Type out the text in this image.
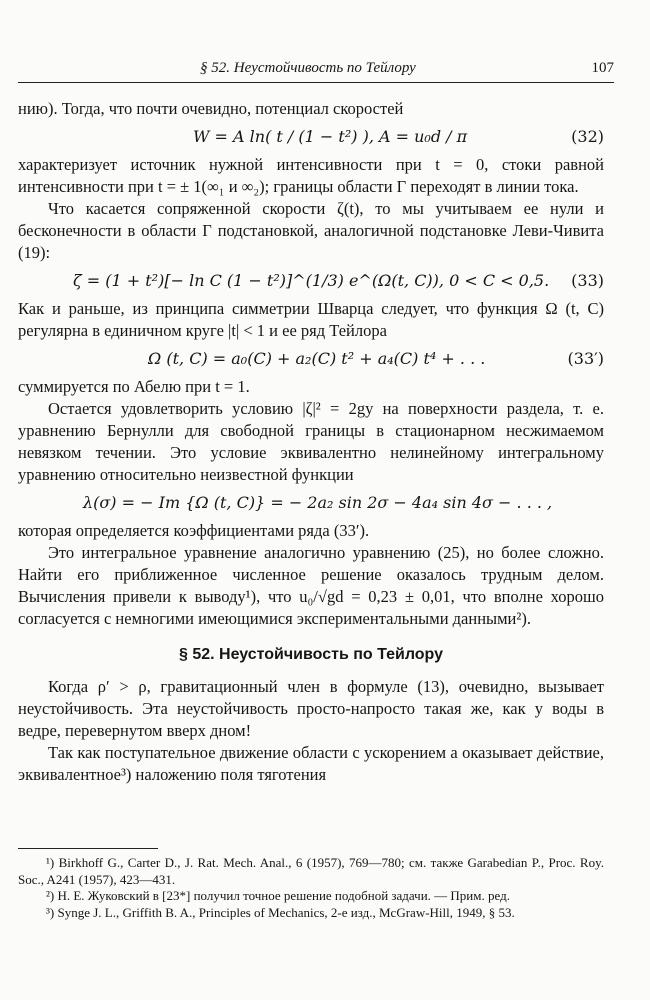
§ 52. Неустойчивость по Тейлору	107

нию). Тогда, что почти очевидно, потенциал скоростей

W = A ln( t / (1 − t²) ), A = u₀d / π	(32)

характеризует источник нужной интенсивности при t = 0, стоки равной интенсивности при t = ± 1(∞₁ и ∞₂); границы области Г переходят в линии тока.

Что касается сопряженной скорости ζ(t), то мы учитываем ее нули и бесконечности в области Г подстановкой, аналогичной подстановке Леви-Чивита (19):

ζ = (1 + t²)[− ln C (1 − t²)]^(1/3) e^(Ω(t, C)), 0 < C < 0,5. (33)

Как и раньше, из принципа симметрии Шварца следует, что функция Ω (t, C) регулярна в единичном круге |t| < 1 и ее ряд Тейлора

Ω (t, C) = a₀(C) + a₂(C) t² + a₄(C) t⁴ + . . .	(33′)

суммируется по Абелю при t = 1.

Остается удовлетворить условию |ζ|² = 2gy на поверхности раздела, т. е. уравнению Бернулли для свободной границы в стационарном несжимаемом невязком течении. Это условие эквивалентно нелинейному интегральному уравнению относительно неизвестной функции

λ(σ) = − Im {Ω (t, C)} = − 2a₂ sin 2σ − 4a₄ sin 4σ − . . . ,

которая определяется коэффициентами ряда (33′).

Это интегральное уравнение аналогично уравнению (25), но более сложно. Найти его приближенное численное решение оказалось трудным делом. Вычисления привели к выводу¹), что u₀/√gd = 0,23 ± 0,01, что вполне хорошо согласуется с немногими имеющимися экспериментальными данными²).

§ 52. Неустойчивость по Тейлору

Когда ρ′ > ρ, гравитационный член в формуле (13), очевидно, вызывает неустойчивость. Эта неустойчивость просто-напросто такая же, как у воды в ведре, перевернутом вверх дном!

Так как поступательное движение области с ускорением a оказывает действие, эквивалентное³) наложению поля тяготения

¹) Birkhoff G., Carter D., J. Rat. Mech. Anal., 6 (1957), 769—780; см. также Garabedian P., Proc. Roy. Soc., A241 (1957), 423—431.

²) Н. Е. Жуковский в [23*] получил точное решение подобной задачи. — Прим. ред.

³) Synge J. L., Griffith B. A., Principles of Mechanics, 2-е изд., McGraw-Hill, 1949, § 53.
